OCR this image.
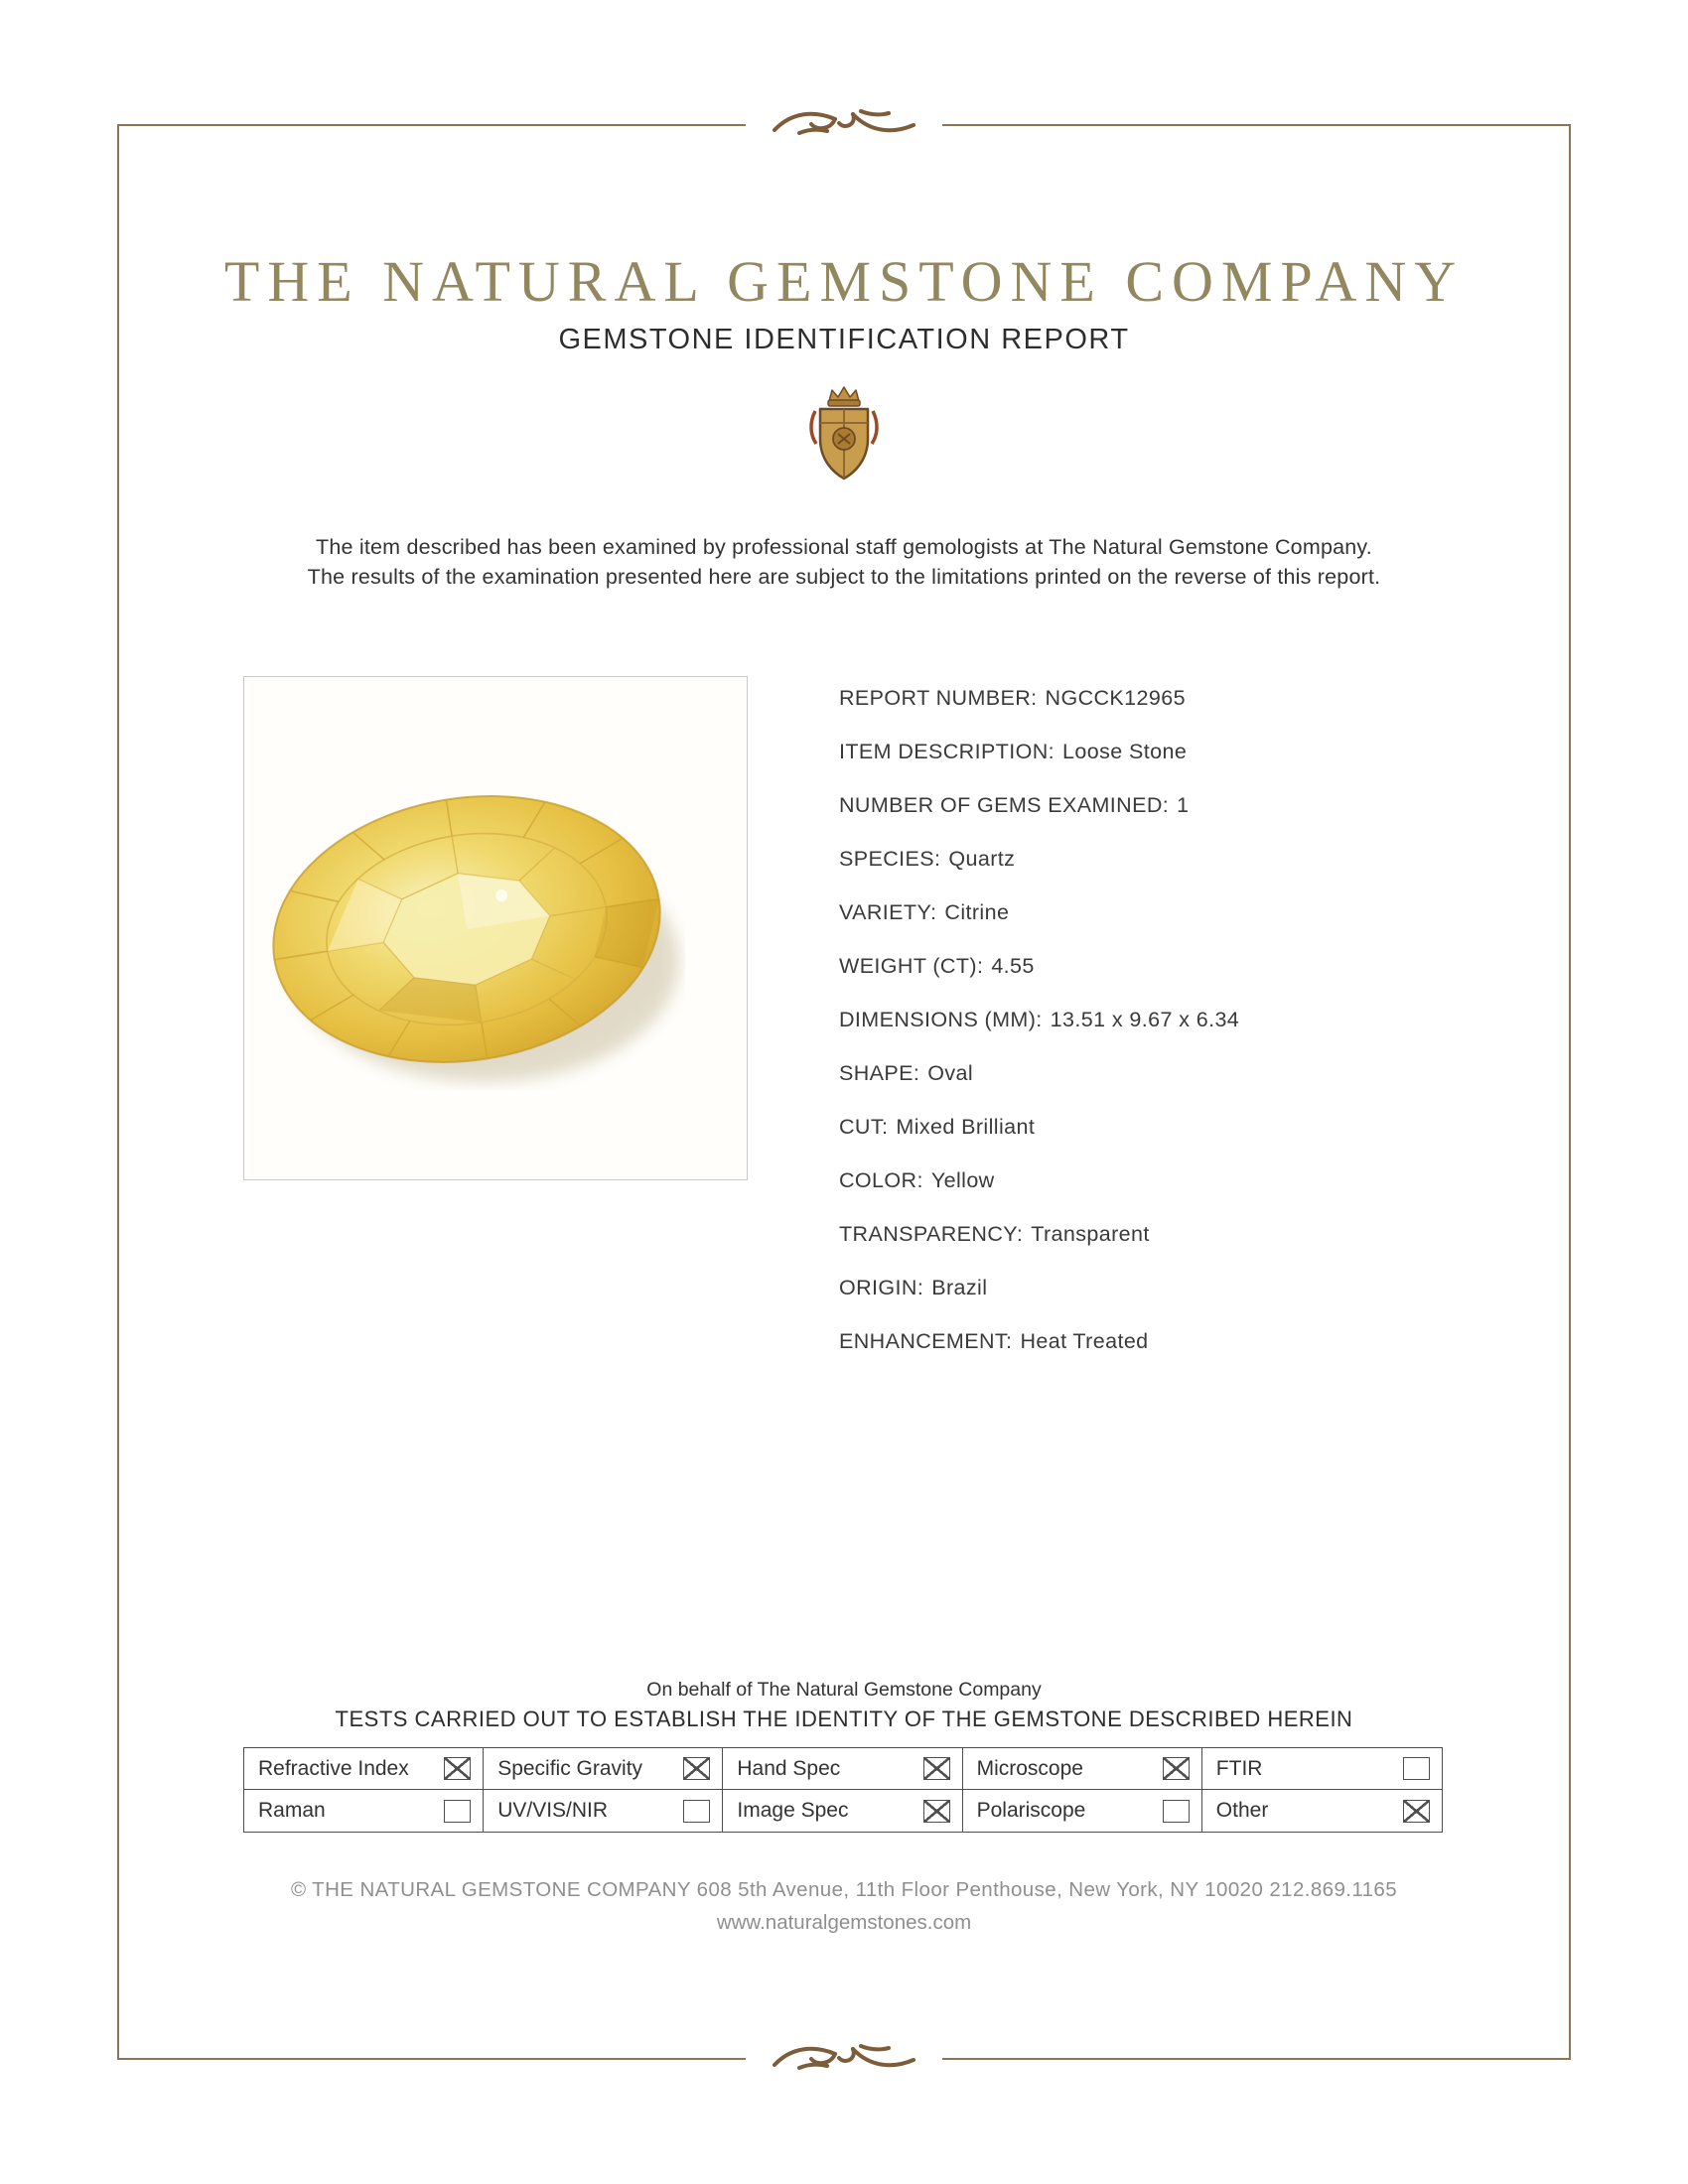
THE NATURAL GEMSTONE COMPANY
GEMSTONE IDENTIFICATION REPORT
The item described has been examined by professional staff gemologists at The Natural Gemstone Company.
The results of the examination presented here are subject to the limitations printed on the reverse of this report.
REPORT NUMBER: NGCCK12965
ITEM DESCRIPTION: Loose Stone
NUMBER OF GEMS EXAMINED: 1
SPECIES: Quartz
VARIETY: Citrine
WEIGHT (CT): 4.55
DIMENSIONS (MM): 13.51 x 9.67 x 6.34
SHAPE: Oval
CUT: Mixed Brilliant
COLOR: Yellow
TRANSPARENCY: Transparent
ORIGIN: Brazil
ENHANCEMENT: Heat Treated
On behalf of The Natural Gemstone Company
TESTS CARRIED OUT TO ESTABLISH THE IDENTITY OF THE GEMSTONE DESCRIBED HEREIN
Refractive Index	Specific Gravity	Hand Spec	Microscope	FTIR
Raman	UV/VIS/NIR	Image Spec	Polariscope	Other
© THE NATURAL GEMSTONE COMPANY 608 5th Avenue, 11th Floor Penthouse, New York, NY 10020 212.869.1165
www.naturalgemstones.com
